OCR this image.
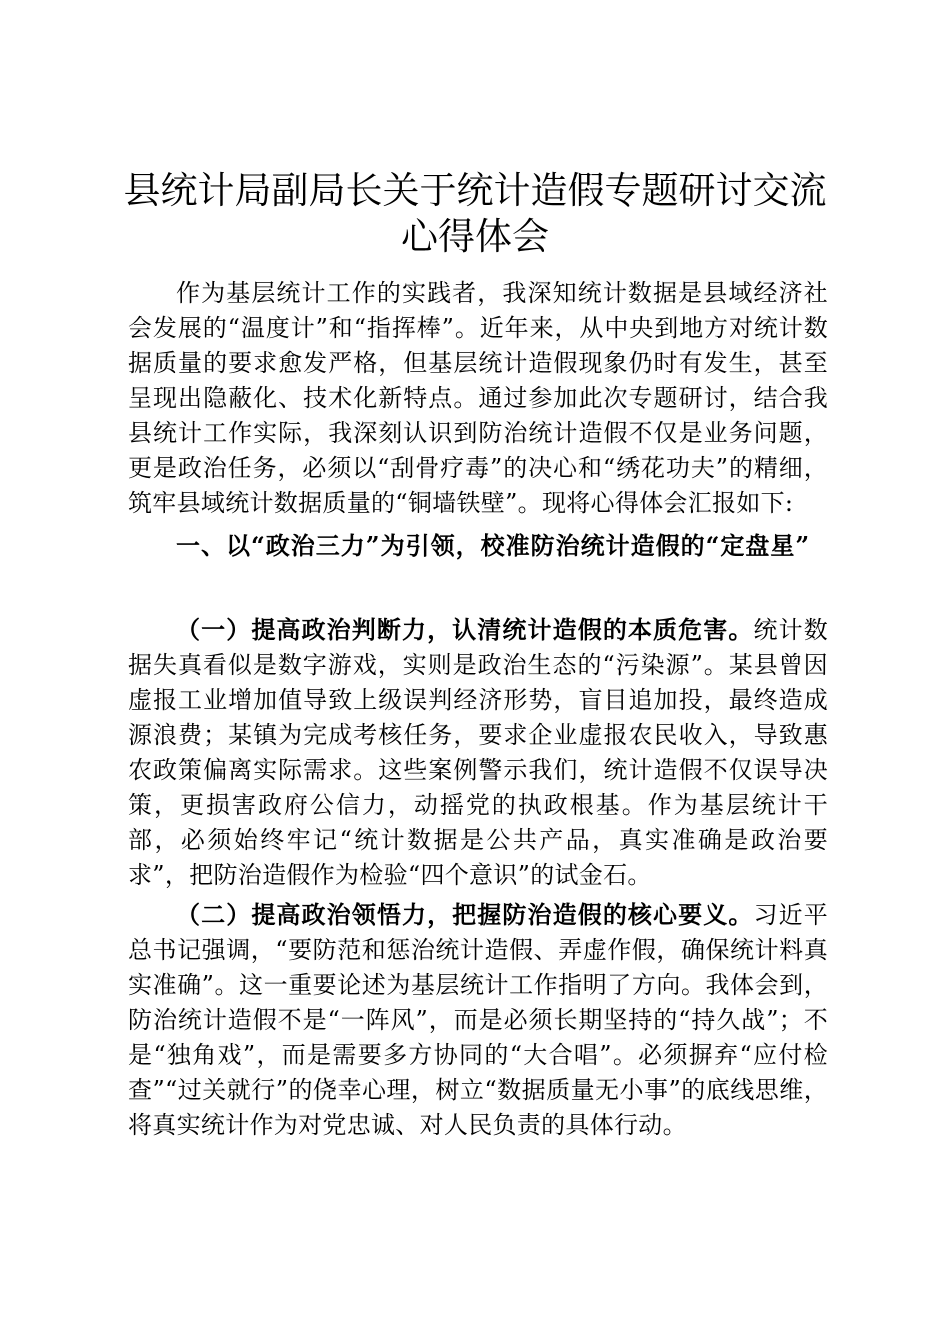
县统计局副局长关于统计造假专题研讨交流心得体会

作为基层统计工作的实践者，我深知统计数据是县域经济社会发展的“温度计”和“指挥棒”。近年来，从中央到地方对统计数据质量的要求愈发严格，但基层统计造假现象仍时有发生，甚至呈现出隐蔽化、技术化新特点。通过参加此次专题研讨，结合我县统计工作实际，我深刻认识到防治统计造假不仅是业务问题，更是政治任务，必须以“刮骨疗毒”的决心和“绣花功夫”的精细，筑牢县域统计数据质量的“铜墙铁壁”。现将心得体会汇报如下:

一、以“政治三力”为引领，校准防治统计造假的“定盘星”

（一）提高政治判断力，认清统计造假的本质危害。统计数据失真看似是数字游戏，实则是政治生态的“污染源”。某县曾因虚报工业增加值导致上级误判经济形势，盲目追加投，最终造成源浪费；某镇为完成考核任务，要求企业虚报农民收入，导致惠农政策偏离实际需求。这些案例警示我们，统计造假不仅误导决策，更损害政府公信力，动摇党的执政根基。作为基层统计干部，必须始终牢记“统计数据是公共产品，真实准确是政治要求”，把防治造假作为检验“四个意识”的试金石。

（二）提高政治领悟力，把握防治造假的核心要义。习近平总书记强调，“要防范和惩治统计造假、弄虚作假，确保统计料真实准确”。这一重要论述为基层统计工作指明了方向。我体会到，防治统计造假不是“一阵风”，而是必须长期坚持的“持久战”；不是“独角戏”，而是需要多方协同的“大合唱”。必须摒弃“应付检查”“过关就行”的侥幸心理，树立“数据质量无小事”的底线思维，将真实统计作为对党忠诚、对人民负责的具体行动。
